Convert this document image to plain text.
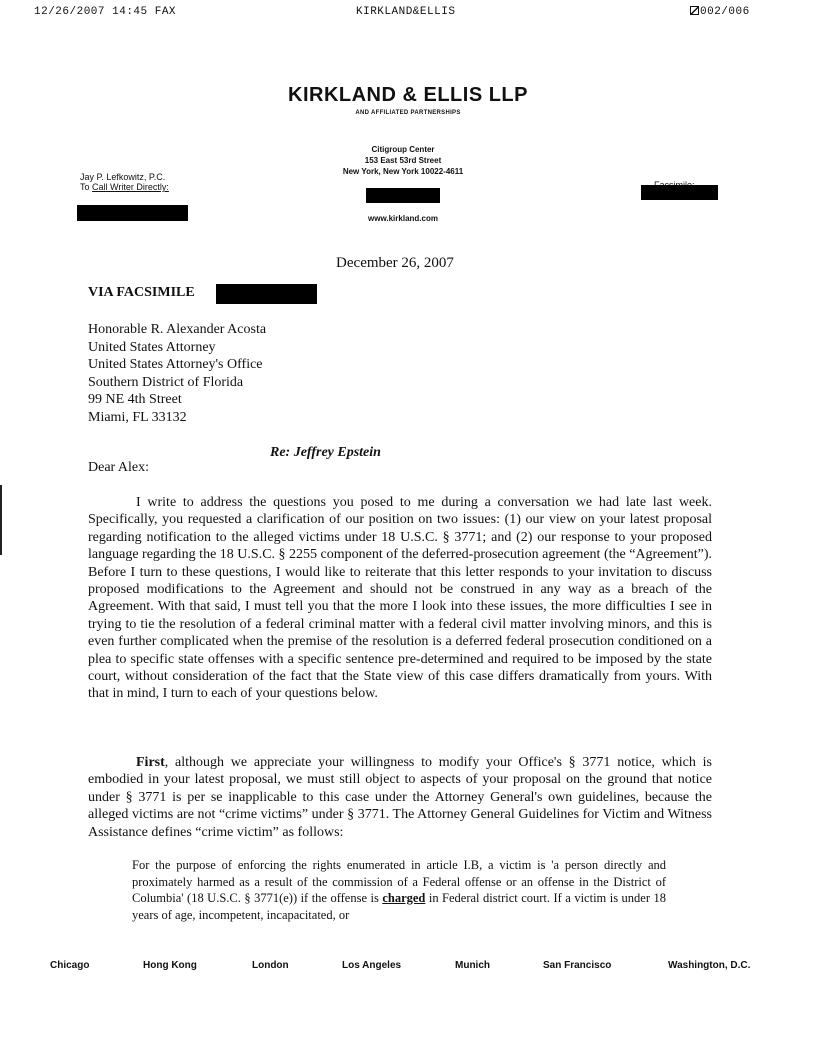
12/26/2007 14:45 FAX	KIRKLAND&ELLIS	002/006
KIRKLAND & ELLIS LLP
AND AFFILIATED PARTNERSHIPS
Citigroup Center
153 East 53rd Street
New York, New York 10022-4611
www.kirkland.com
Jay P. Lefkowitz, P.C.
To Call Writer Directly:
December 26, 2007
VIA FACSIMILE
Honorable R. Alexander Acosta
United States Attorney
United States Attorney's Office
Southern District of Florida
99 NE 4th Street
Miami, FL 33132
Re: Jeffrey Epstein
Dear Alex:

I write to address the questions you posed to me during a conversation we had late last week. Specifically, you requested a clarification of our position on two issues: (1) our view on your latest proposal regarding notification to the alleged victims under 18 U.S.C. § 3771; and (2) our response to your proposed language regarding the 18 U.S.C. § 2255 component of the deferred-prosecution agreement (the “Agreement”). Before I turn to these questions, I would like to reiterate that this letter responds to your invitation to discuss proposed modifications to the Agreement and should not be construed in any way as a breach of the Agreement. With that said, I must tell you that the more I look into these issues, the more difficulties I see in trying to tie the resolution of a federal criminal matter with a federal civil matter involving minors, and this is even further complicated when the premise of the resolution is a deferred federal prosecution conditioned on a plea to specific state offenses with a specific sentence pre-determined and required to be imposed by the state court, without consideration of the fact that the State view of this case differs dramatically from yours. With that in mind, I turn to each of your questions below.

First, although we appreciate your willingness to modify your Office's § 3771 notice, which is embodied in your latest proposal, we must still object to aspects of your proposal on the ground that notice under § 3771 is per se inapplicable to this case under the Attorney General's own guidelines, because the alleged victims are not “crime victims” under § 3771. The Attorney General Guidelines for Victim and Witness Assistance defines “crime victim” as follows:

For the purpose of enforcing the rights enumerated in article I.B, a victim is 'a person directly and proximately harmed as a result of the commission of a Federal offense or an offense in the District of Columbia' (18 U.S.C. § 3771(e)) if the offense is charged in Federal district court. If a victim is under 18 years of age, incompetent, incapacitated, or
Chicago	Hong Kong	London	Los Angeles	Munich	San Francisco	Washington, D.C.
